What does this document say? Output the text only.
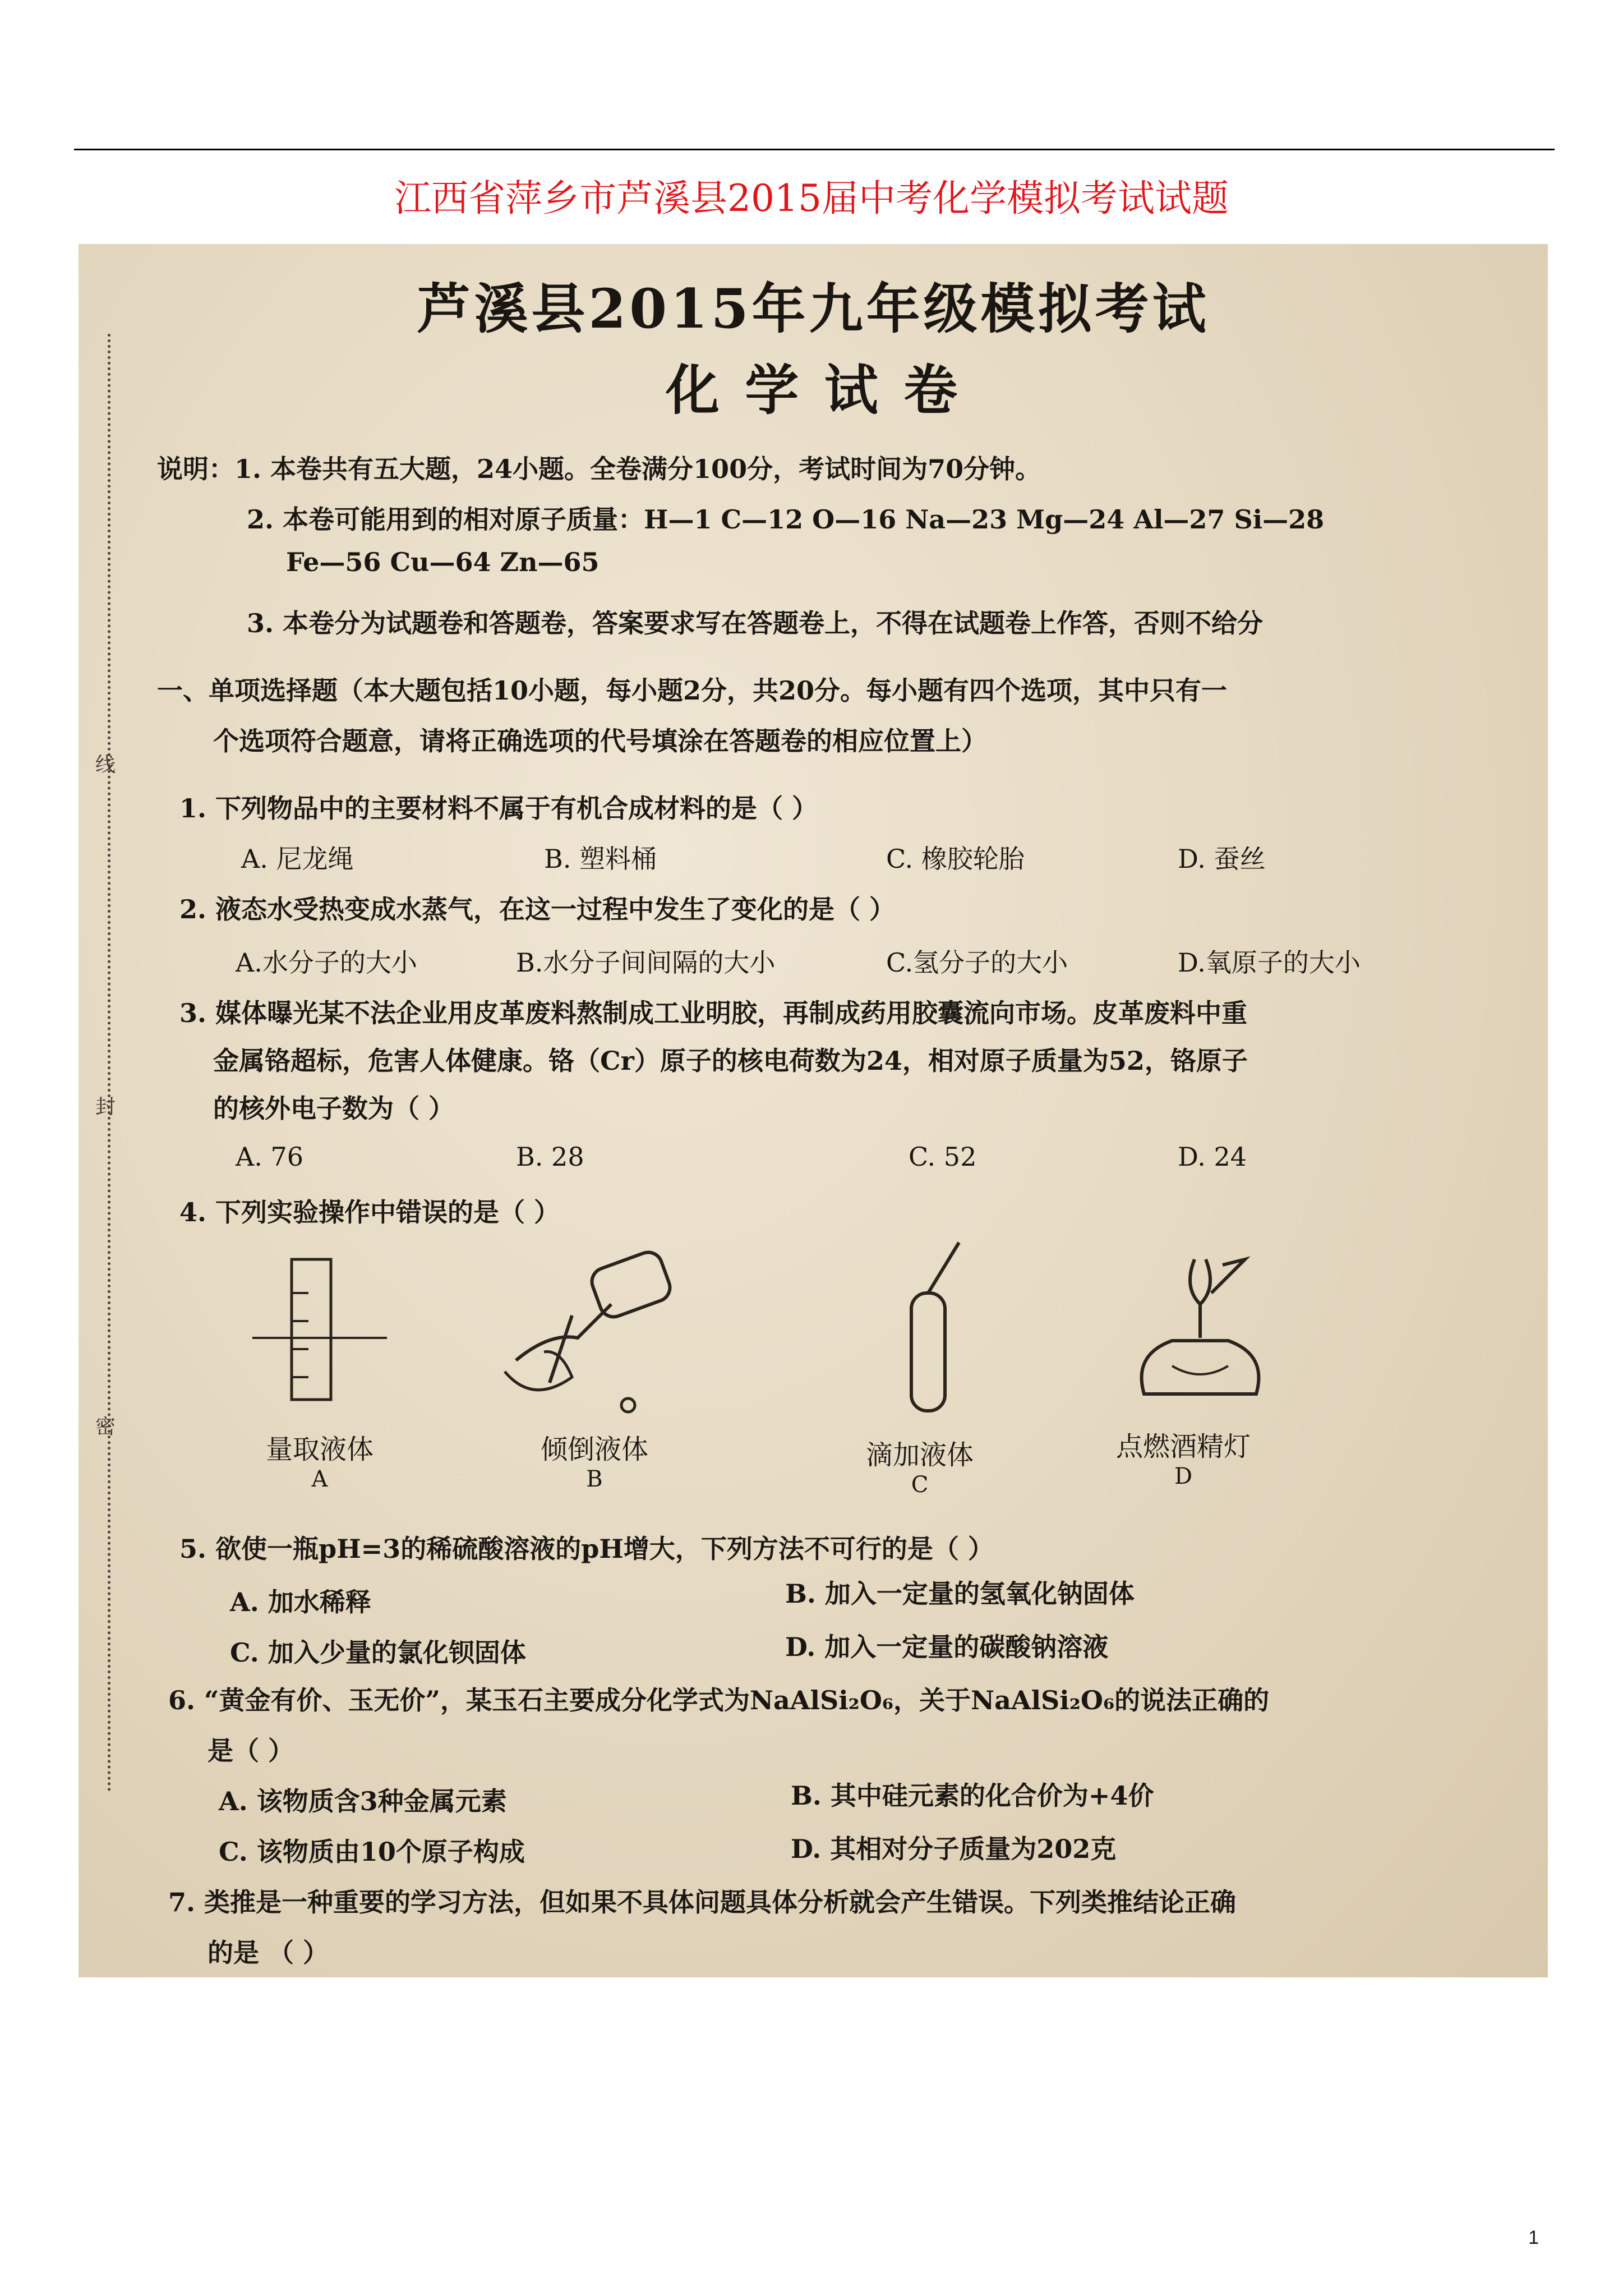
江西省萍乡市芦溪县2015届中考化学模拟考试试题
线
封
密
芦溪县2015年九年级模拟考试
化 学 试 卷
说明：1. 本卷共有五大题，24小题。全卷满分100分，考试时间为70分钟。
2. 本卷可能用到的相对原子质量：H—1 C—12 O—16 Na—23 Mg—24 Al—27 Si—28
Fe—56 Cu—64 Zn—65
3. 本卷分为试题卷和答题卷，答案要求写在答题卷上，不得在试题卷上作答，否则不给分
一、单项选择题（本大题包括10小题，每小题2分，共20分。每小题有四个选项，其中只有一
个选项符合题意，请将正确选项的代号填涂在答题卷的相应位置上）
1. 下列物品中的主要材料不属于有机合成材料的是（ ）
A. 尼龙绳	B. 塑料桶	C. 橡胶轮胎	D. 蚕丝
2. 液态水受热变成水蒸气，在这一过程中发生了变化的是（ ）
A.水分子的大小	B.水分子间间隔的大小	C.氢分子的大小	D.氧原子的大小
3. 媒体曝光某不法企业用皮革废料熬制成工业明胶，再制成药用胶囊流向市场。皮革废料中重
金属铬超标，危害人体健康。铬（Cr）原子的核电荷数为24，相对原子质量为52，铬原子
的核外电子数为（ ）
A. 76	B. 28	C. 52	D. 24
4. 下列实验操作中错误的是（ ）
量取液体
A
倾倒液体
B
滴加液体
C
点燃酒精灯
D
5. 欲使一瓶pH=3的稀硫酸溶液的pH增大，下列方法不可行的是（ ）
A. 加水稀释	B. 加入一定量的氢氧化钠固体
C. 加入少量的氯化钡固体	D. 加入一定量的碳酸钠溶液
6. “黄金有价、玉无价”，某玉石主要成分化学式为NaAlSi₂O₆，关于NaAlSi₂O₆的说法正确的
是（ ）
A. 该物质含3种金属元素	B. 其中硅元素的化合价为+4价
C. 该物质由10个原子构成	D. 其相对分子质量为202克
7. 类推是一种重要的学习方法，但如果不具体问题具体分析就会产生错误。下列类推结论正确
的是 （ ）
1
